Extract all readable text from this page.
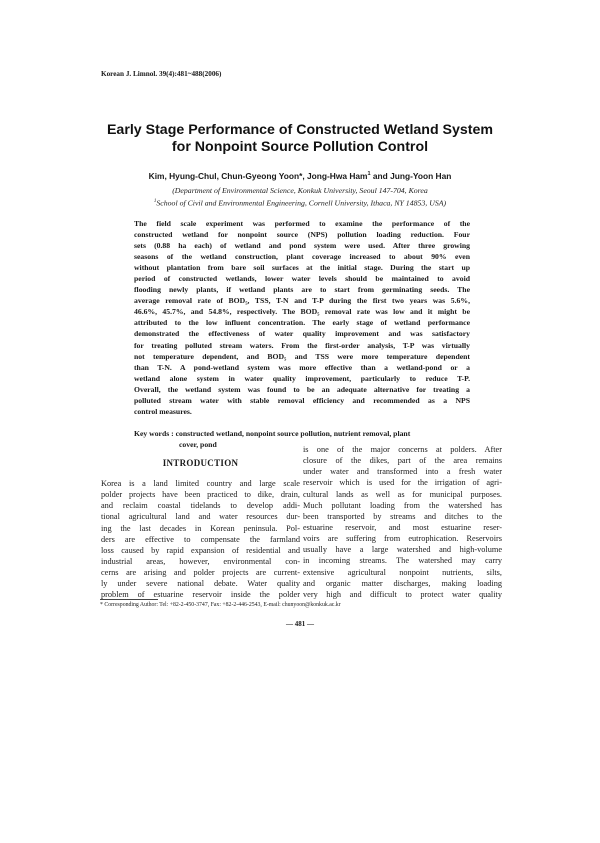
Korean J. Limnol. 39(4):481~488(2006)
Early Stage Performance of Constructed Wetland System
for Nonpoint Source Pollution Control
Kim, Hyung-Chul, Chun-Gyeong Yoon*, Jong-Hwa Ham$^1$ and Jung-Yoon Han
(Department of Environmental Science, Konkuk University, Seoul 147-704, Korea
$^1$School of Civil and Environmental Engineering, Cornell University, Ithaca, NY 14853, USA)
The field scale experiment was performed to examine the performance of the
constructed wetland for nonpoint source (NPS) pollution loading reduction. Four
sets (0.88 ha each) of wetland and pond system were used. After three growing
seasons of the wetland construction, plant coverage increased to about 90% even
without plantation from bare soil surfaces at the initial stage. During the start up
period of constructed wetlands, lower water levels should be maintained to avoid
flooding newly plants, if wetland plants are to start from germinating seeds. The
average removal rate of BOD₅, TSS, T-N and T-P during the first two years was 5.6%,
46.6%, 45.7%, and 54.8%, respectively. The BOD₅ removal rate was low and it might be
attributed to the low influent concentration. The early stage of wetland performance
demonstrated the effectiveness of water quality improvement and was satisfactory
for treating polluted stream waters. From the first-order analysis, T-P was virtually
not temperature dependent, and BOD₅ and TSS were more temperature dependent
than T-N. A pond-wetland system was more effective than a wetland-pond or a
wetland alone system in water quality improvement, particularly to reduce T-P.
Overall, the wetland system was found to be an adequate alternative for treating a
polluted stream water with stable removal efficiency and recommended as a NPS
control measures.
Key words : constructed wetland, nonpoint source pollution, nutrient removal, plant
cover, pond
INTRODUCTION
Korea is a land limited country and large scale
polder projects have been practiced to dike, drain,
and reclaim coastal tidelands to develop addi-
tional agricultural land and water resources dur-
ing the last decades in Korean peninsula. Pol-
ders are effective to compensate the farmland
loss caused by rapid expansion of residential and
industrial areas, however, environmental con-
cerns are arising and polder projects are current-
ly under severe national debate. Water quality
problem of estuarine reservoir inside the polder
is one of the major concerns at polders. After
closure of the dikes, part of the area remains
under water and transformed into a fresh water
reservoir which is used for the irrigation of agri-
cultural lands as well as for municipal purposes.
Much pollutant loading from the watershed has
been transported by streams and ditches to the
estuarine reservoir, and most estuarine reser-
voirs are suffering from eutrophication. Reservoirs
usually have a large watershed and high-volume
in incoming streams. The watershed may carry
extensive agricultural nonpoint nutrients, silts,
and organic matter discharges, making loading
very high and difficult to protect water quality
* Corresponding Author: Tel: +82-2-450-3747, Fax: +82-2-446-2543, E-mail: chunyoon@konkuk.ac.kr
— 481 —
